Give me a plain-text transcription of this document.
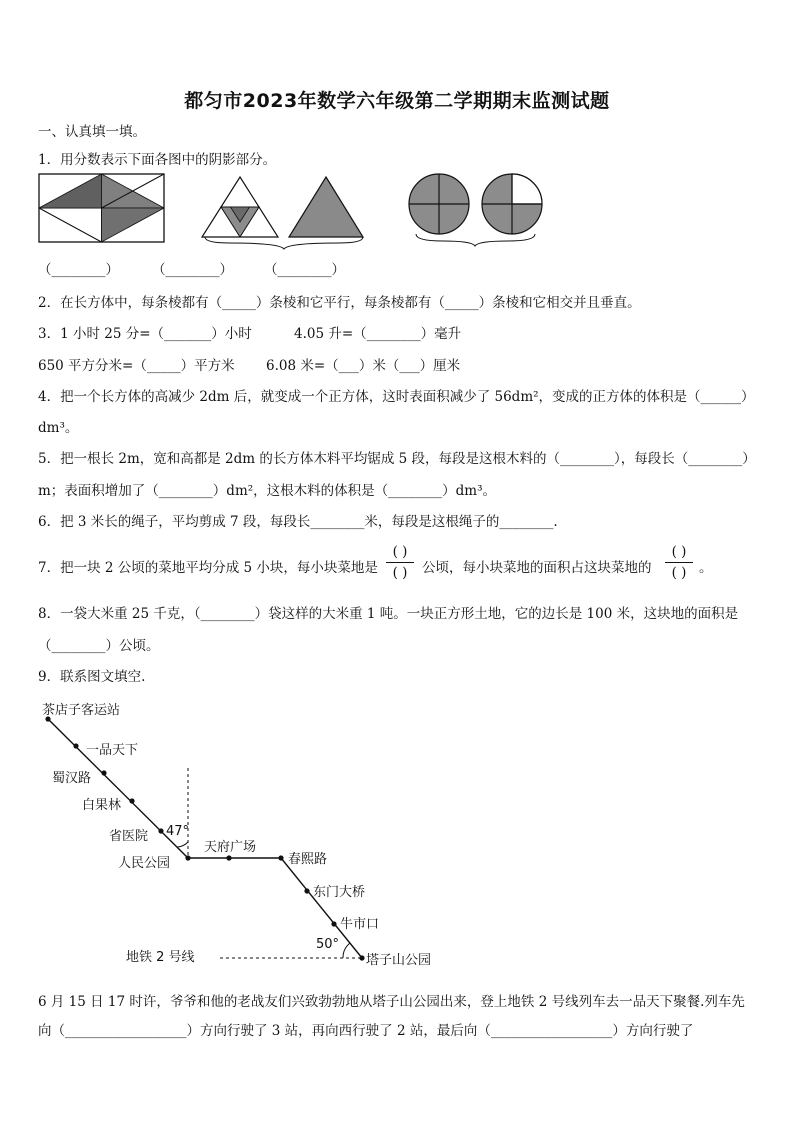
都匀市2023年数学六年级第二学期期末监测试题
一、认真填一填。
1．用分数表示下面各图中的阴影部分。
（________） （________） （________）
2．在长方体中，每条棱都有（_____）条棱和它平行，每条棱都有（_____）条棱和它相交并且垂直。
3．1 小时 25 分=（_______）小时	4.05 升=（________）毫升
650 平方分米=（_____）平方米 6.08 米=（___）米（___）厘米
4．把一个长方体的高减少 2dm 后，就变成一个正方体，这时表面积减少了 56dm²，变成的正方体的体积是（______）
dm³。
5．把一根长 2m，宽和高都是 2dm 的长方体木料平均锯成 5 段，每段是这根木料的（________），每段长（________）
m；表面积增加了（________）dm²，这根木料的体积是（________）dm³。
6．把 3 米长的绳子，平均剪成 7 段，每段长________米，每段是这根绳子的________.
7．把一块 2 公顷的菜地平均分成 5 小块，每小块菜地是
( )
( )	公顷，每小块菜地的面积占这块菜地的
( )
( ) 。
8．一袋大米重 25 千克，（________）袋这样的大米重 1 吨。一块正方形土地，它的边长是 100 米，这块地的面积是
（________）公顷。
9．联系图文填空.
茶店子客运站
一品天下
蜀汉路
白果林
省医院 47°
人民公园
天府广场
春熙路
东门大桥
牛市口
50°
地铁 2 号线	塔子山公园
6 月 15 日 17 时许，爷爷和他的老战友们兴致勃勃地从塔子山公园出来，登上地铁 2 号线列车去一品天下聚餐.列车先
向（__________________）方向行驶了 3 站，再向西行驶了 2 站，最后向（__________________）方向行驶了
